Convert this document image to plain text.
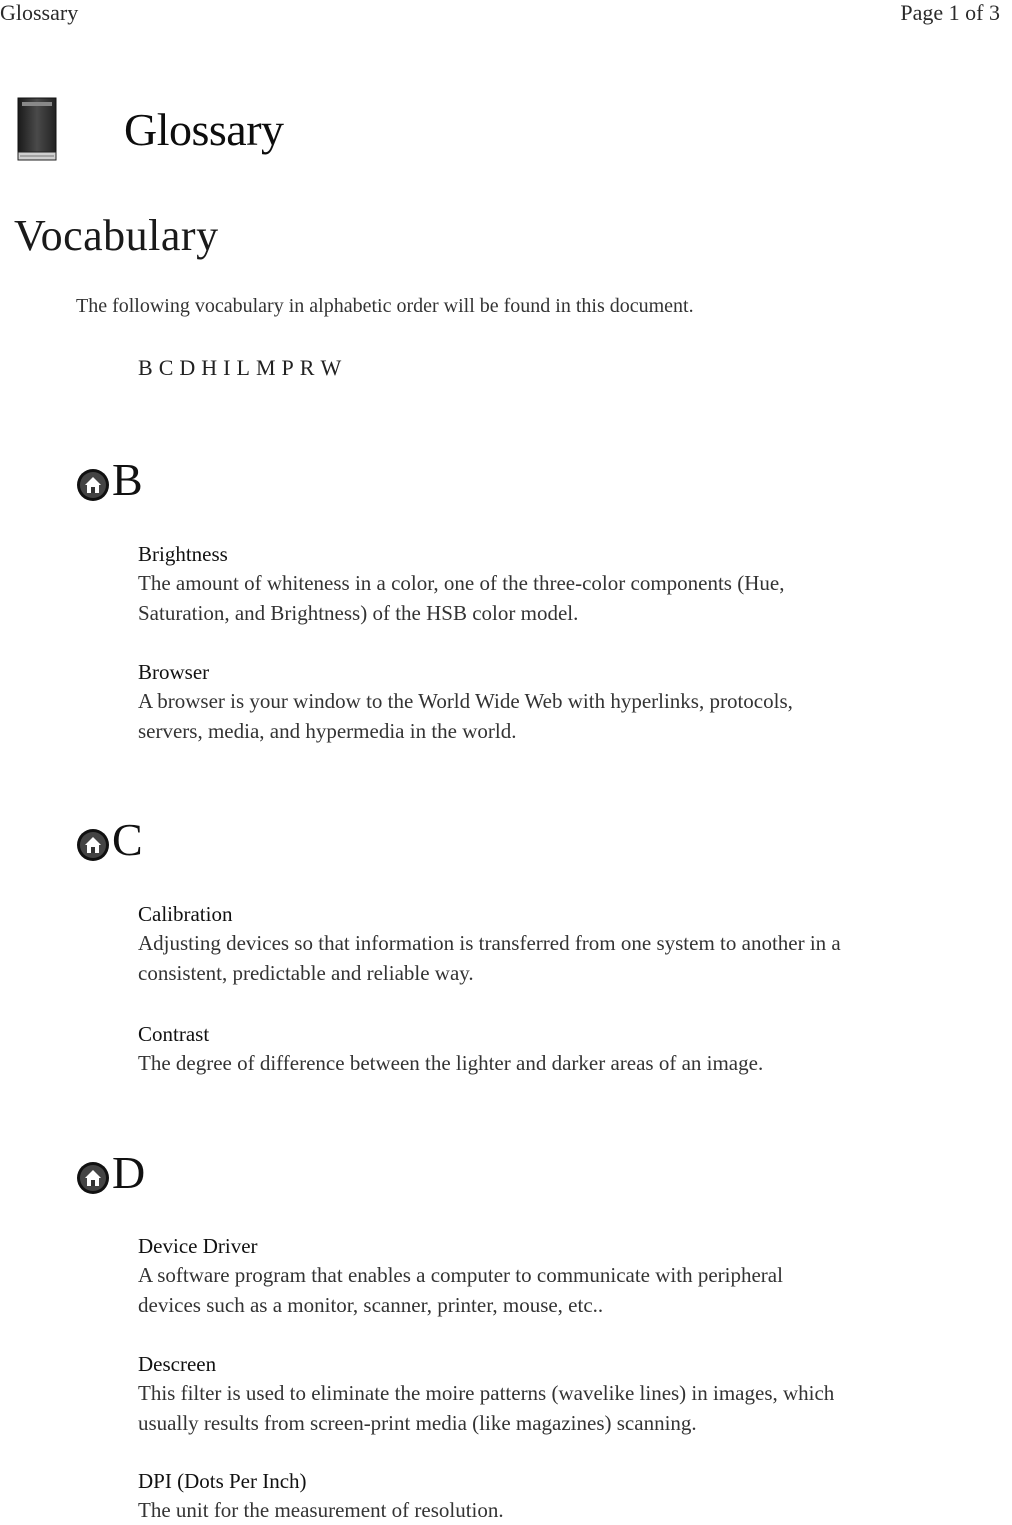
Glossary	Page 1 of 3
Glossary
Vocabulary
The following vocabulary in alphabetic order will be found in this document.
B C D H I L M P R W
B
Brightness
The amount of whiteness in a color, one of the three-color components (Hue,
Saturation, and Brightness) of the HSB color model.
Browser
A browser is your window to the World Wide Web with hyperlinks, protocols,
servers, media, and hypermedia in the world.
C
Calibration
Adjusting devices so that information is transferred from one system to another in a
consistent, predictable and reliable way.
Contrast
The degree of difference between the lighter and darker areas of an image.
D
Device Driver
A software program that enables a computer to communicate with peripheral
devices such as a monitor, scanner, printer, mouse, etc..
Descreen
This filter is used to eliminate the moire patterns (wavelike lines) in images, which
usually results from screen-print media (like magazines) scanning.
DPI (Dots Per Inch)
The unit for the measurement of resolution.
